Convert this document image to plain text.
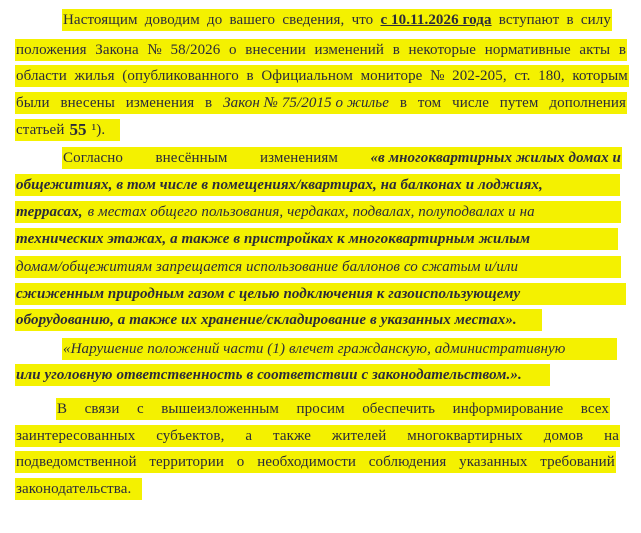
Настоящим доводим до вашего сведения, что с 10.11.2026 года вступают в силу
положения Закона № 58/2026 о внесении изменений в некоторые нормативные акты в
области жилья (опубликованного в Официальном мониторе № 202-205, ст. 180, которым
были внесены изменения в Закон № 75/2015 о жилье в том числе путем дополнения
статьей 55 ¹).
Согласно внесённым изменениям «в многоквартирных жилых домах и
общежитиях, в том числе в помещениях/квартирах, на балконах и лоджиях,
террасах, в местах общего пользования, чердаках, подвалах, полуподвалах и на
технических этажах, а также в пристройках к многоквартирным жилым
домам/общежитиям запрещается использование баллонов со сжатым и/или
сжиженным природным газом с целью подключения к газоиспользующему
оборудованию, а также их хранение/складирование в указанных местах».
«Нарушение положений части (1) влечет гражданскую, административную
или уголовную ответственность в соответствии с законодательством.».
В связи с вышеизложенным просим обеспечить информирование всех
заинтересованных субъектов, а также жителей многоквартирных домов на
подведомственной территории о необходимости соблюдения указанных требований
законодательства.
